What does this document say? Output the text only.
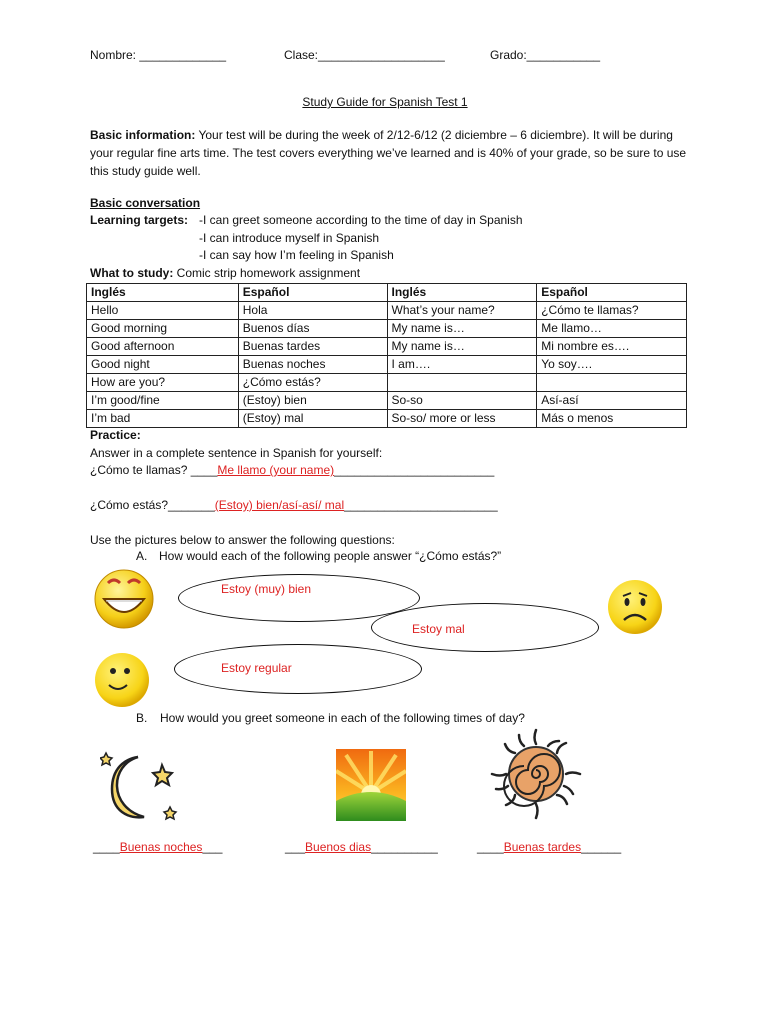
Nombre: _____________	Clase:___________________	Grado:___________
Study Guide for Spanish Test 1
Basic information: Your test will be during the week of 2/12-6/12 (2 diciembre – 6 diciembre). It will be during your regular fine arts time. The test covers everything we’ve learned and is 40% of your grade, so be sure to use this study guide well.
Basic conversation
Learning targets: -I can greet someone according to the time of day in Spanish
-I can introduce myself in Spanish
-I can say how I’m feeling in Spanish
What to study: Comic strip homework assignment
Inglés	Español	Inglés	Español
Hello	Hola	What’s your name?	¿Cómo te llamas?
Good morning	Buenos días	My name is…	Me llamo…
Good afternoon	Buenas tardes	My name is…	Mi nombre es….
Good night	Buenas noches	I am….	Yo soy….
How are you?	¿Cómo estás?		
I’m good/fine	(Estoy) bien	So-so	Así-así
I’m bad	(Estoy) mal	So-so/ more or less	Más o menos
Practice:
Answer in a complete sentence in Spanish for yourself:
¿Cómo te llamas? ____Me llamo (your name)________________________
¿Cómo estás?_______(Estoy) bien/así-así/ mal_______________________
Use the pictures below to answer the following questions:
A. How would each of the following people answer “¿Cómo estás?”
Estoy (muy) bien
Estoy mal
Estoy regular
B. How would you greet someone in each of the following times of day?
____Buenas noches___	___Buenos dias__________	____Buenas tardes______
